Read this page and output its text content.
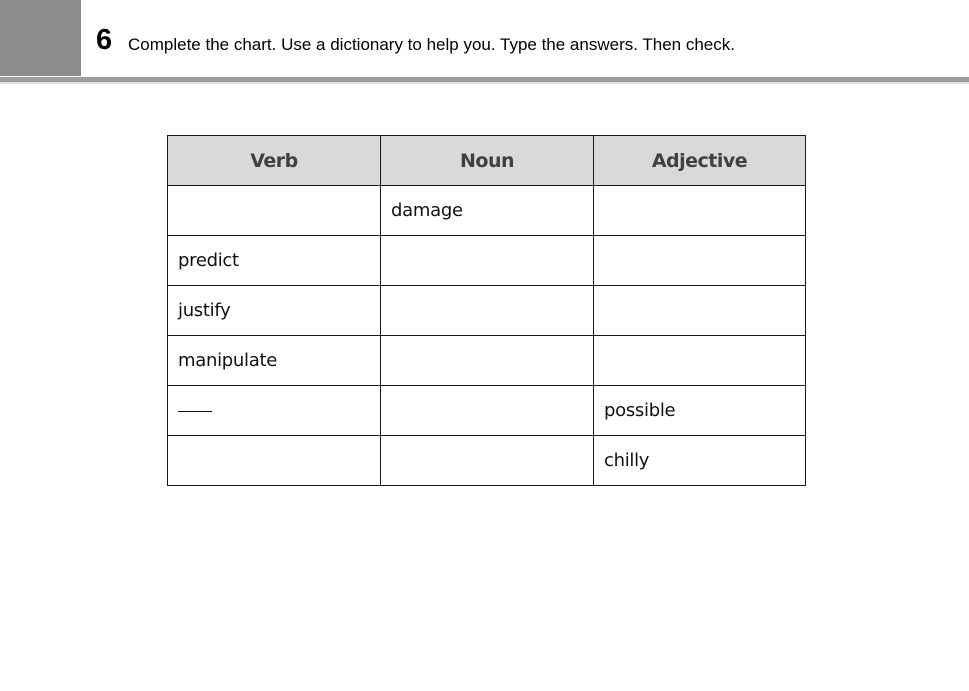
6 Complete the chart. Use a dictionary to help you. Type the answers. Then check.
Verb	Noun	Adjective
	damage	
predict		
justify		
manipulate		
		possible
		chilly
